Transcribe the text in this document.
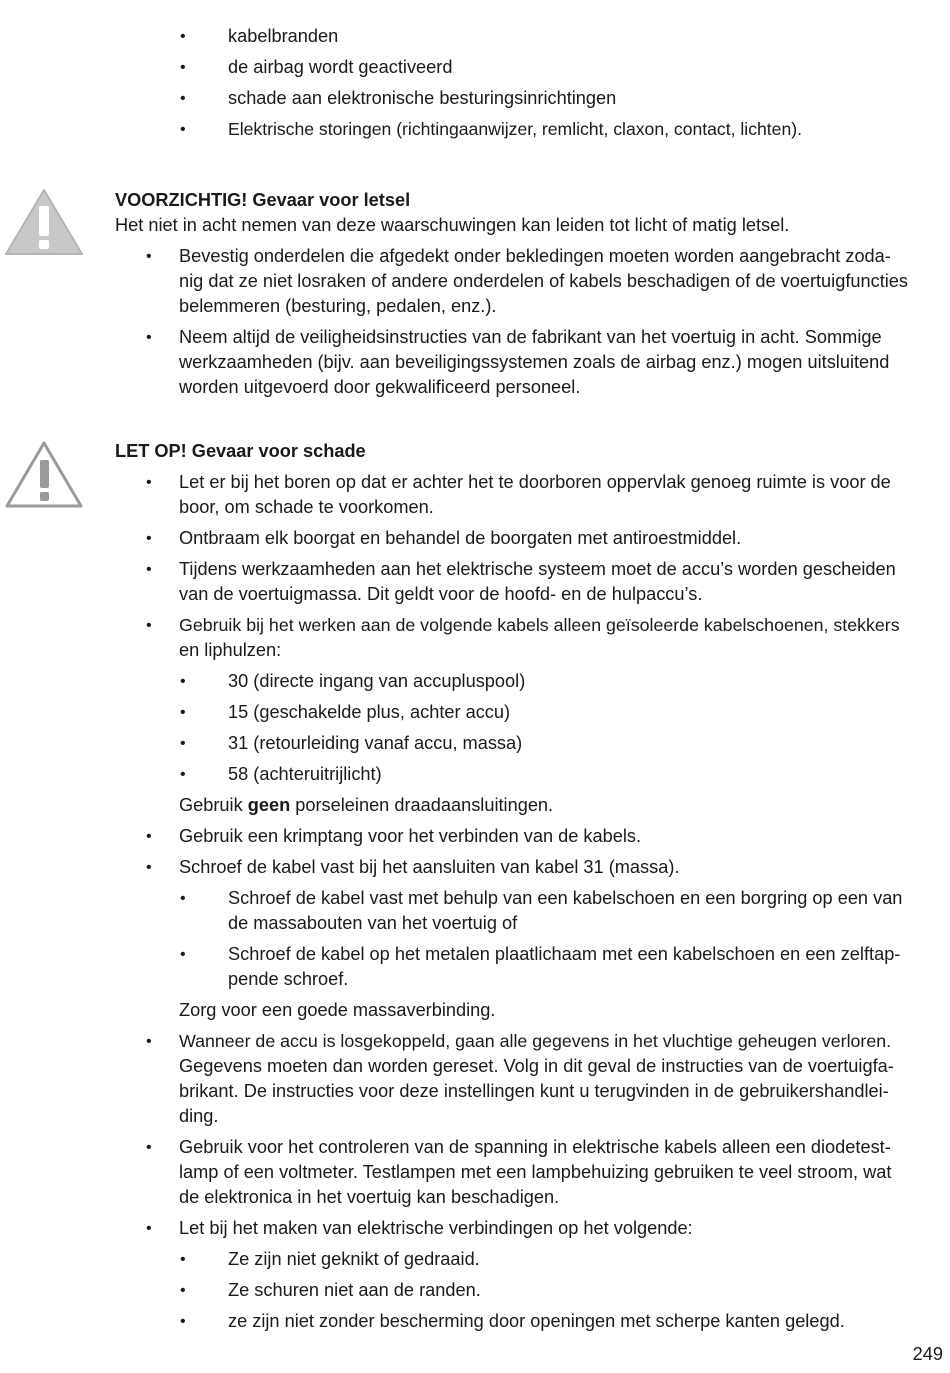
•	kabelbranden
•	de airbag wordt geactiveerd
•	schade aan elektronische besturingsinrichtingen
•	Elektrische storingen (richtingaanwijzer, remlicht, claxon, contact, lichten).
VOORZICHTIG! Gevaar voor letsel
Het niet in acht nemen van deze waarschuwingen kan leiden tot licht of matig letsel.
•	Bevestig onderdelen die afgedekt onder bekledingen moeten worden aangebracht zoda-
nig dat ze niet losraken of andere onderdelen of kabels beschadigen of de voertuigfuncties
belemmeren (besturing, pedalen, enz.).
•	Neem altijd de veiligheidsinstructies van de fabrikant van het voertuig in acht. Sommige
werkzaamheden (bijv. aan beveiligingssystemen zoals de airbag enz.) mogen uitsluitend
worden uitgevoerd door gekwalificeerd personeel.
LET OP! Gevaar voor schade
•	Let er bij het boren op dat er achter het te doorboren oppervlak genoeg ruimte is voor de
boor, om schade te voorkomen.
•	Ontbraam elk boorgat en behandel de boorgaten met antiroestmiddel.
•	Tijdens werkzaamheden aan het elektrische systeem moet de accu’s worden gescheiden
van de voertuigmassa. Dit geldt voor de hoofd- en de hulpaccu’s.
•	Gebruik bij het werken aan de volgende kabels alleen geïsoleerde kabelschoenen, stekkers
en liphulzen:
•	30 (directe ingang van accupluspool)
•	15 (geschakelde plus, achter accu)
•	31 (retourleiding vanaf accu, massa)
•	58 (achteruitrijlicht)
Gebruik geen porseleinen draadaansluitingen.
•	Gebruik een krimptang voor het verbinden van de kabels.
•	Schroef de kabel vast bij het aansluiten van kabel 31 (massa).
•	Schroef de kabel vast met behulp van een kabelschoen en een borgring op een van
de massabouten van het voertuig of
•	Schroef de kabel op het metalen plaatlichaam met een kabelschoen en een zelftap-
pende schroef.
Zorg voor een goede massaverbinding.
•	Wanneer de accu is losgekoppeld, gaan alle gegevens in het vluchtige geheugen verloren.
Gegevens moeten dan worden gereset. Volg in dit geval de instructies van de voertuigfa-
brikant. De instructies voor deze instellingen kunt u terugvinden in de gebruikershandlei-
ding.
•	Gebruik voor het controleren van de spanning in elektrische kabels alleen een diodetest-
lamp of een voltmeter. Testlampen met een lampbehuizing gebruiken te veel stroom, wat
de elektronica in het voertuig kan beschadigen.
•	Let bij het maken van elektrische verbindingen op het volgende:
•	Ze zijn niet geknikt of gedraaid.
•	Ze schuren niet aan de randen.
•	ze zijn niet zonder bescherming door openingen met scherpe kanten gelegd.
249
